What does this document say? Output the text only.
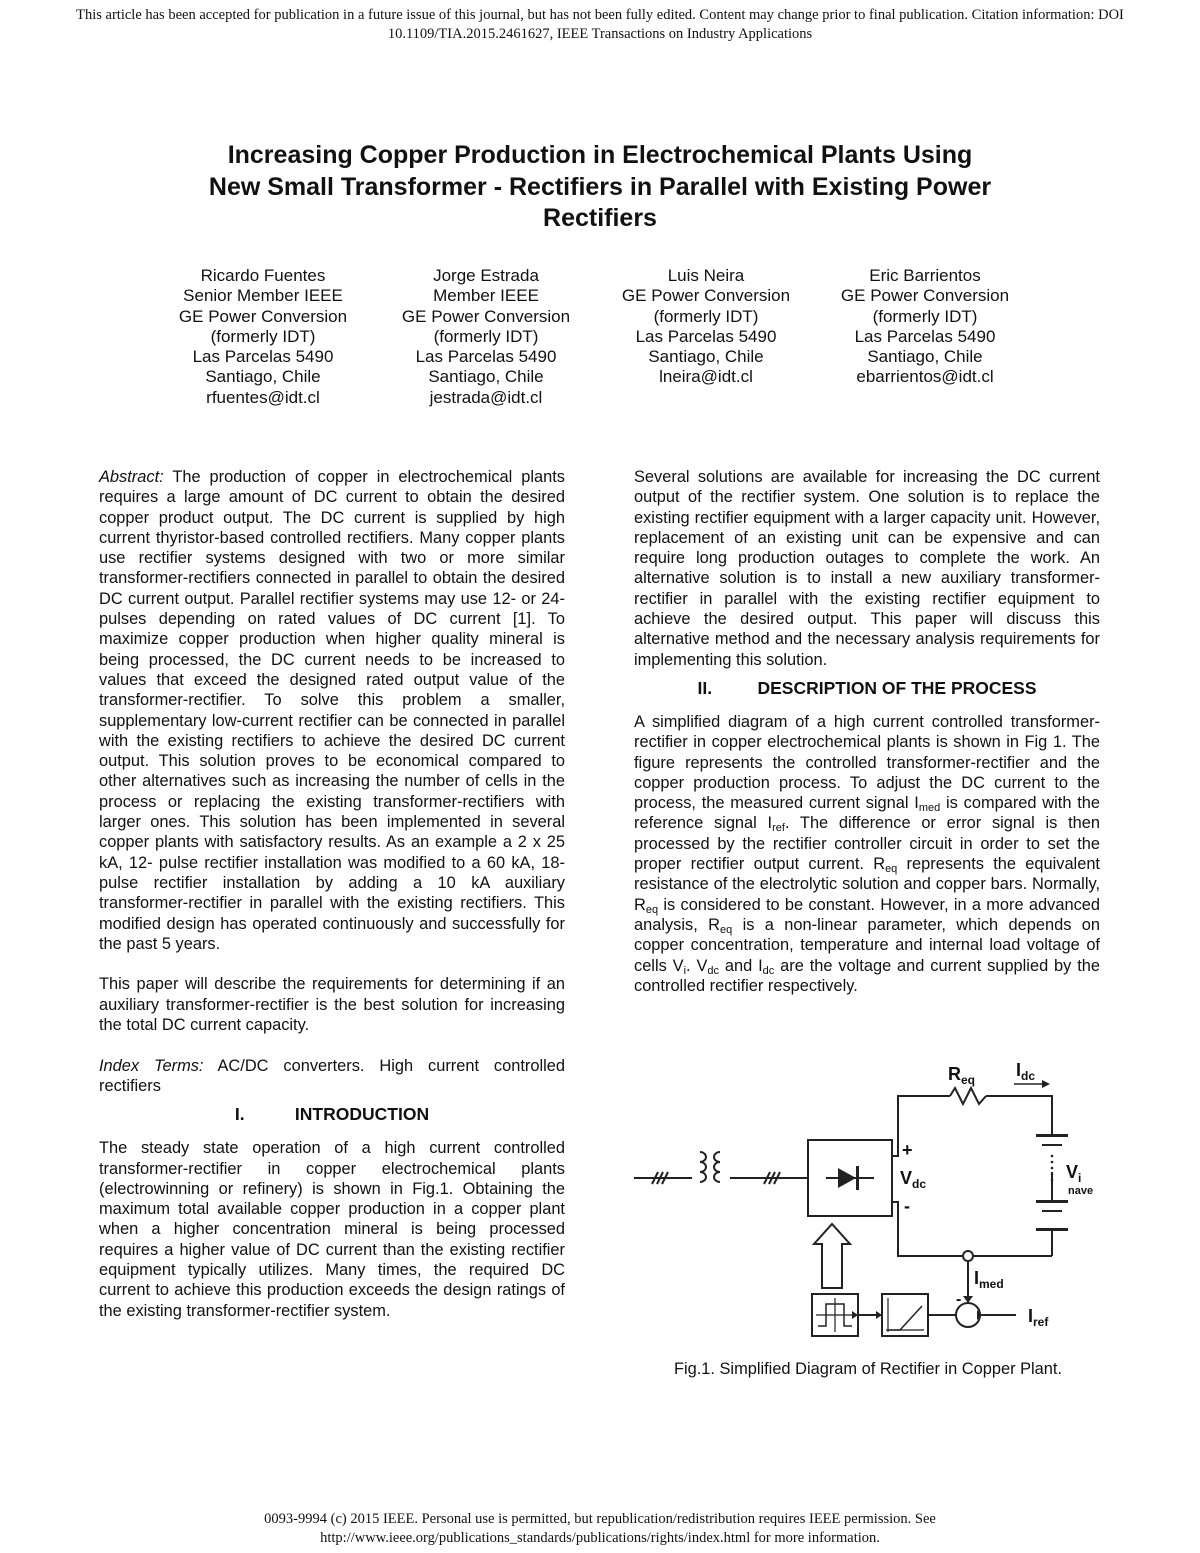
This article has been accepted for publication in a future issue of this journal, but has not been fully edited. Content may change prior to final publication. Citation information: DOI
10.1109/TIA.2015.2461627, IEEE Transactions on Industry Applications
Increasing Copper Production in Electrochemical Plants Using
New Small Transformer - Rectifiers in Parallel with Existing Power
Rectifiers
Ricardo Fuentes
Senior Member IEEE
GE Power Conversion
(formerly IDT)
Las Parcelas 5490
Santiago, Chile
rfuentes@idt.cl
Jorge Estrada
Member IEEE
GE Power Conversion
(formerly IDT)
Las Parcelas 5490
Santiago, Chile
jestrada@idt.cl
Luis Neira
GE Power Conversion
(formerly IDT)
Las Parcelas 5490
Santiago, Chile
lneira@idt.cl
Eric Barrientos
GE Power Conversion
(formerly IDT)
Las Parcelas 5490
Santiago, Chile
ebarrientos@idt.cl

Abstract: The production of copper in electrochemical plants requires a large amount of DC current to obtain the desired copper product output. The DC current is supplied by high current thyristor-based controlled rectifiers. Many copper plants use rectifier systems designed with two or more similar transformer-rectifiers connected in parallel to obtain the desired DC current output. Parallel rectifier systems may use 12- or 24-pulses depending on rated values of DC current [1]. To maximize copper production when higher quality mineral is being processed, the DC current needs to be increased to values that exceed the designed rated output value of the transformer-rectifier. To solve this problem a smaller, supplementary low-current rectifier can be connected in parallel with the existing rectifiers to achieve the desired DC current output. This solution proves to be economical compared to other alternatives such as increasing the number of cells in the process or replacing the existing transformer-rectifiers with larger ones. This solution has been implemented in several copper plants with satisfactory results. As an example a 2 x 25 kA, 12- pulse rectifier installation was modified to a 60 kA, 18-pulse rectifier installation by adding a 10 kA auxiliary transformer-rectifier in parallel with the existing rectifiers. This modified design has operated continuously and successfully for the past 5 years.

This paper will describe the requirements for determining if an auxiliary transformer-rectifier is the best solution for increasing the total DC current capacity.

Index Terms: AC/DC converters. High current controlled rectifiers

I.	INTRODUCTION

The steady state operation of a high current controlled transformer-rectifier in copper electrochemical plants (electrowinning or refinery) is shown in Fig.1. Obtaining the maximum total available copper production in a copper plant when a higher concentration mineral is being processed requires a higher value of DC current than the existing rectifier equipment typically utilizes. Many times, the required DC current to achieve this production exceeds the design ratings of the existing transformer-rectifier system.

Several solutions are available for increasing the DC current output of the rectifier system. One solution is to replace the existing rectifier equipment with a larger capacity unit. However, replacement of an existing unit can be expensive and can require long production outages to complete the work. An alternative solution is to install a new auxiliary transformer-rectifier in parallel with the existing rectifier equipment to achieve the desired output. This paper will discuss this alternative method and the necessary analysis requirements for implementing this solution.

II.	DESCRIPTION OF THE PROCESS

A simplified diagram of a high current controlled transformer-rectifier in copper electrochemical plants is shown in Fig 1. The figure represents the controlled transformer-rectifier and the copper production process. To adjust the DC current to the process, the measured current signal $I_{med}$ is compared with the reference signal $I_{ref}$. The difference or error signal is then processed by the rectifier controller circuit in order to set the proper rectifier output current. $R_{eq}$ represents the equivalent resistance of the electrolytic solution and copper bars. Normally, $R_{eq}$ is considered to be constant. However, in a more advanced analysis, $R_{eq}$ is a non-linear parameter, which depends on copper concentration, temperature and internal load voltage of cells $V_i$. $V_{dc}$ and $I_{dc}$ are the voltage and current supplied by the controlled rectifier respectively.

$R_{eq}$ $I_{dc}$
+
$V_{dc}$
-
$V_i$
nave
$I_{med}$
$I_{ref}$
-
Fig.1. Simplified Diagram of Rectifier in Copper Plant.
0093-9994 (c) 2015 IEEE. Personal use is permitted, but republication/redistribution requires IEEE permission. See
http://www.ieee.org/publications_standards/publications/rights/index.html for more information.
